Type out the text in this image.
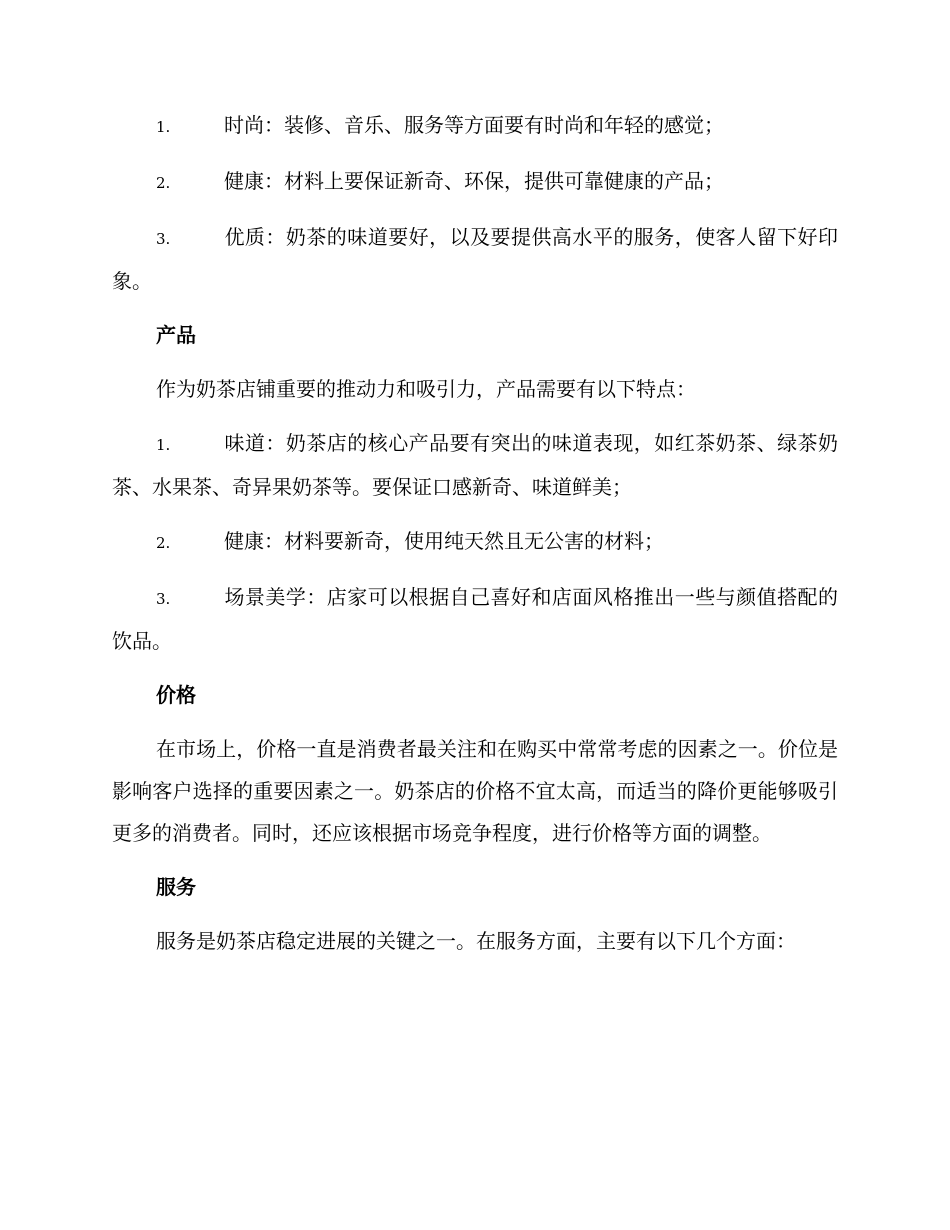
1.	时尚：装修、音乐、服务等方面要有时尚和年轻的感觉；

2.	健康：材料上要保证新奇、环保，提供可靠健康的产品；

3.	优质：奶茶的味道要好，以及要提供高水平的服务，使客人留下好印象。

产品

作为奶茶店铺重要的推动力和吸引力，产品需要有以下特点：

1.	味道：奶茶店的核心产品要有突出的味道表现，如红茶奶茶、绿茶奶茶、水果茶、奇异果奶茶等。要保证口感新奇、味道鲜美；

2.	健康：材料要新奇，使用纯天然且无公害的材料；

3.	场景美学：店家可以根据自己喜好和店面风格推出一些与颜值搭配的饮品。

价格

在市场上，价格一直是消费者最关注和在购买中常常考虑的因素之一。价位是影响客户选择的重要因素之一。奶茶店的价格不宜太高，而适当的降价更能够吸引更多的消费者。同时，还应该根据市场竞争程度，进行价格等方面的调整。

服务

服务是奶茶店稳定进展的关键之一。在服务方面，主要有以下几个方面：
